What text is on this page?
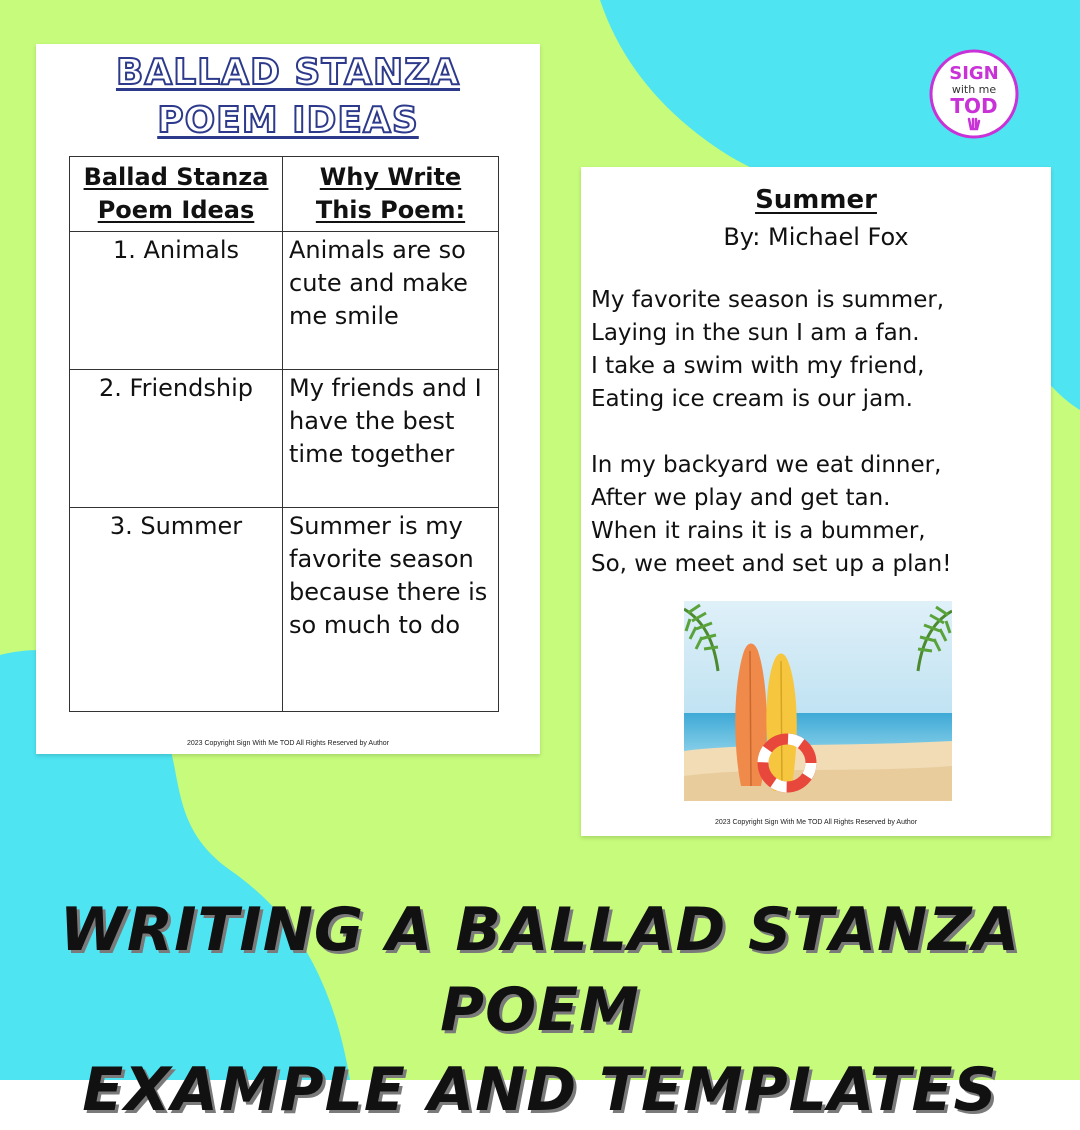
BALLAD STANZA
POEM IDEAS
Ballad Stanza Poem Ideas	Why Write This Poem:
1. Animals	Animals are so cute and make me smile
2. Friendship	My friends and I have the best time together
3. Summer	Summer is my favorite season because there is so much to do
2023 Copyright Sign With Me TOD All Rights Reserved by Author
Summer
By: Michael Fox
My favorite season is summer,
Laying in the sun I am a fan.
I take a swim with my friend,
Eating ice cream is our jam.
In my backyard we eat dinner,
After we play and get tan.
When it rains it is a bummer,
So, we meet and set up a plan!
2023 Copyright Sign With Me TOD All Rights Reserved by Author
SIGN
with me
TOD
WRITING A BALLAD STANZA POEM
EXAMPLE AND TEMPLATES
